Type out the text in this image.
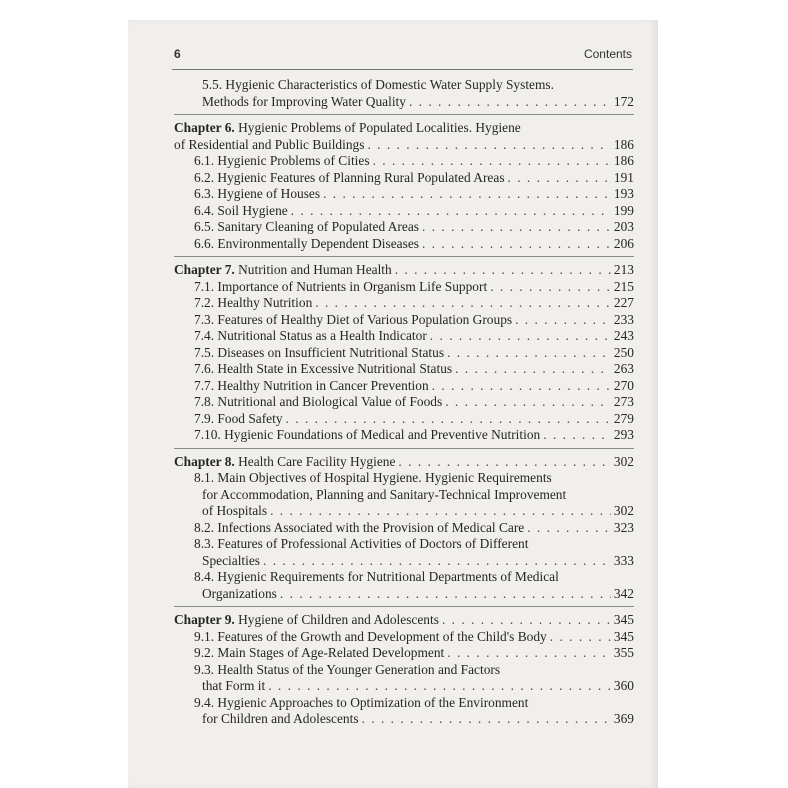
6	Contents
5.5. Hygienic Characteristics of Domestic Water Supply Systems.
Methods for Improving Water Quality . . .	172
Chapter 6. Hygienic Problems of Populated Localities. Hygiene
of Residential and Public Buildings . . .	186
6.1. Hygienic Problems of Cities . . .	186
6.2. Hygienic Features of Planning Rural Populated Areas . . .	191
6.3. Hygiene of Houses . . .	193
6.4. Soil Hygiene . . .	199
6.5. Sanitary Cleaning of Populated Areas . . .	203
6.6. Environmentally Dependent Diseases . . .	206
Chapter 7. Nutrition and Human Health . . .	213
7.1. Importance of Nutrients in Organism Life Support . . .	215
7.2. Healthy Nutrition . . .	227
7.3. Features of Healthy Diet of Various Population Groups . . .	233
7.4. Nutritional Status as a Health Indicator . . .	243
7.5. Diseases on Insufficient Nutritional Status . . .	250
7.6. Health State in Excessive Nutritional Status . . .	263
7.7. Healthy Nutrition in Cancer Prevention . . .	270
7.8. Nutritional and Biological Value of Foods . . .	273
7.9. Food Safety . . .	279
7.10. Hygienic Foundations of Medical and Preventive Nutrition . . .	293
Chapter 8. Health Care Facility Hygiene . . .	302
8.1. Main Objectives of Hospital Hygiene. Hygienic Requirements
for Accommodation, Planning and Sanitary-Technical Improvement
of Hospitals . . .	302
8.2. Infections Associated with the Provision of Medical Care . . .	323
8.3. Features of Professional Activities of Doctors of Different
Specialties . . .	333
8.4. Hygienic Requirements for Nutritional Departments of Medical
Organizations . . .	342
Chapter 9. Hygiene of Children and Adolescents . . .	345
9.1. Features of the Growth and Development of the Child's Body . . .	345
9.2. Main Stages of Age-Related Development . . .	355
9.3. Health Status of the Younger Generation and Factors
that Form it . . .	360
9.4. Hygienic Approaches to Optimization of the Environment
for Children and Adolescents . . .	369
